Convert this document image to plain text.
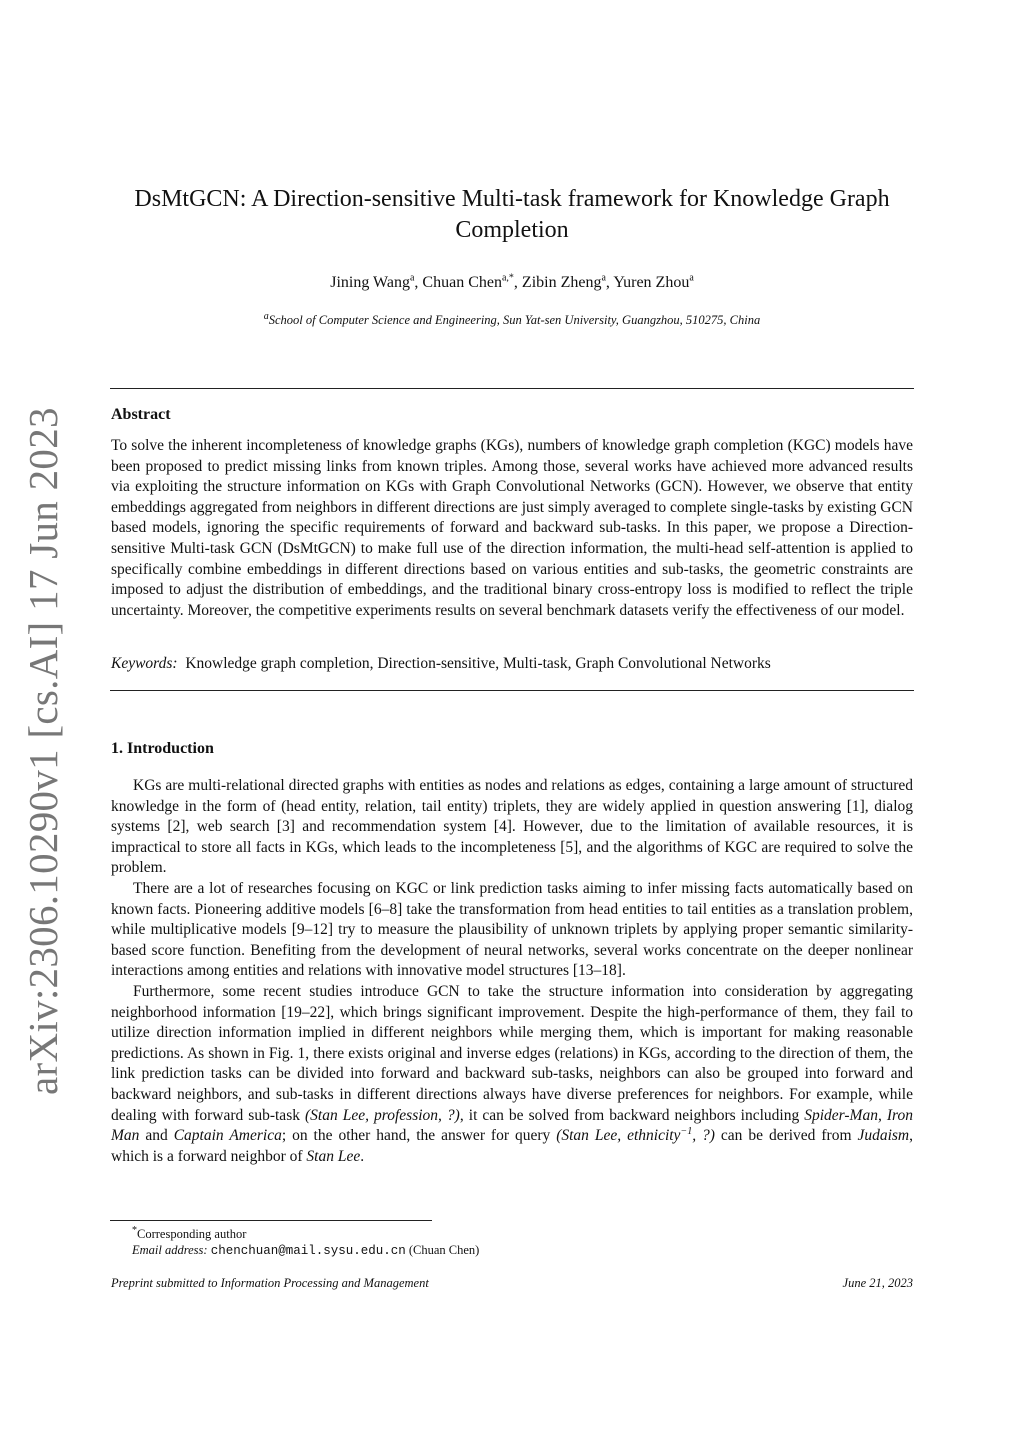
arXiv:2306.10290v1 [cs.AI] 17 Jun 2023
DsMtGCN: A Direction-sensitive Multi-task framework for Knowledge Graph Completion
Jining Wang$^a$, Chuan Chen$^{a,*}$, Zibin Zheng$^a$, Yuren Zhou$^a$
$^a$School of Computer Science and Engineering, Sun Yat-sen University, Guangzhou, 510275, China
Abstract
To solve the inherent incompleteness of knowledge graphs (KGs), numbers of knowledge graph completion (KGC) models have been proposed to predict missing links from known triples. Among those, several works have achieved more advanced results via exploiting the structure information on KGs with Graph Convolutional Networks (GCN). However, we observe that entity embeddings aggregated from neighbors in different directions are just simply averaged to complete single-tasks by existing GCN based models, ignoring the specific requirements of forward and backward sub-tasks. In this paper, we propose a Direction-sensitive Multi-task GCN (DsMtGCN) to make full use of the direction information, the multi-head self-attention is applied to specifically combine embeddings in different directions based on various entities and sub-tasks, the geometric constraints are imposed to adjust the distribution of embeddings, and the traditional binary cross-entropy loss is modified to reflect the triple uncertainty. Moreover, the competitive experiments results on several benchmark datasets verify the effectiveness of our model.
Keywords: Knowledge graph completion, Direction-sensitive, Multi-task, Graph Convolutional Networks
1. Introduction

KGs are multi-relational directed graphs with entities as nodes and relations as edges, containing a large amount of structured knowledge in the form of (head entity, relation, tail entity) triplets, they are widely applied in question answering [1], dialog systems [2], web search [3] and recommendation system [4]. However, due to the limitation of available resources, it is impractical to store all facts in KGs, which leads to the incompleteness [5], and the algorithms of KGC are required to solve the problem.

There are a lot of researches focusing on KGC or link prediction tasks aiming to infer missing facts automatically based on known facts. Pioneering additive models [6–8] take the transformation from head entities to tail entities as a translation problem, while multiplicative models [9–12] try to measure the plausibility of unknown triplets by applying proper semantic similarity-based score function. Benefiting from the development of neural networks, several works concentrate on the deeper nonlinear interactions among entities and relations with innovative model structures [13–18].

Furthermore, some recent studies introduce GCN to take the structure information into consideration by aggregating neighborhood information [19–22], which brings significant improvement. Despite the high-performance of them, they fail to utilize direction information implied in different neighbors while merging them, which is important for making reasonable predictions. As shown in Fig. 1, there exists original and inverse edges (relations) in KGs, according to the direction of them, the link prediction tasks can be divided into forward and backward sub-tasks, neighbors can also be grouped into forward and backward neighbors, and sub-tasks in different directions always have diverse preferences for neighbors. For example, while dealing with forward sub-task (Stan Lee, profession, ?), it can be solved from backward neighbors including Spider-Man, Iron Man and Captain America; on the other hand, the answer for query (Stan Lee, ethnicity$^{-1}$, ?) can be derived from Judaism, which is a forward neighbor of Stan Lee.

*Corresponding author
Email address: chenchuan@mail.sysu.edu.cn (Chuan Chen)
Preprint submitted to Information Processing and Management	June 21, 2023
